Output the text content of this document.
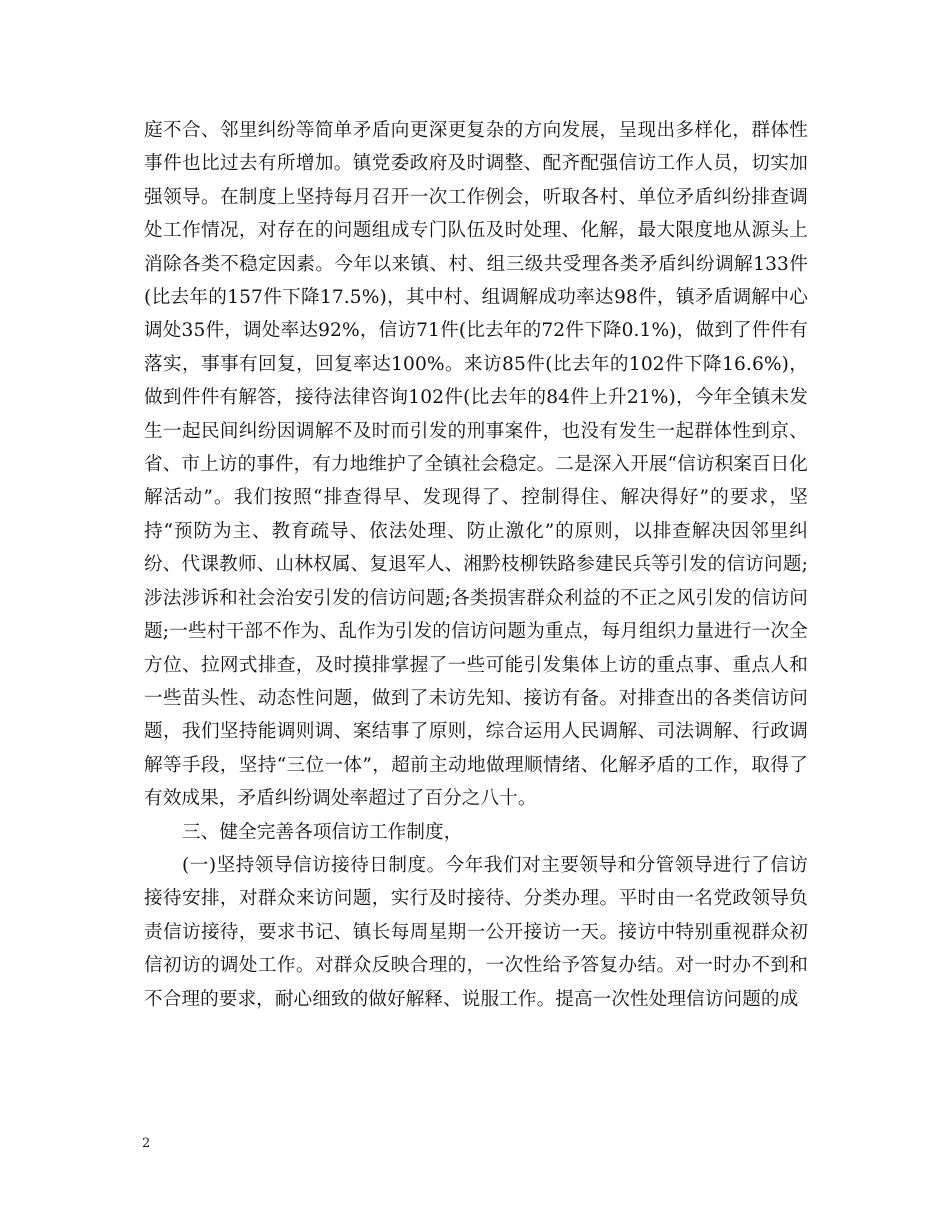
庭不合、邻里纠纷等简单矛盾向更深更复杂的方向发展，呈现出多样化，群体性事件也比过去有所增加。镇党委政府及时调整、配齐配强信访工作人员，切实加强领导。在制度上坚持每月召开一次工作例会，听取各村、单位矛盾纠纷排查调处工作情况，对存在的问题组成专门队伍及时处理、化解，最大限度地从源头上消除各类不稳定因素。今年以来镇、村、组三级共受理各类矛盾纠纷调解133件(比去年的157件下降17.5%)，其中村、组调解成功率达98件，镇矛盾调解中心调处35件，调处率达92%，信访71件(比去年的72件下降0.1%)，做到了件件有落实，事事有回复，回复率达100%。来访85件(比去年的102件下降16.6%)，做到件件有解答，接待法律咨询102件(比去年的84件上升21%)，今年全镇未发生一起民间纠纷因调解不及时而引发的刑事案件，也没有发生一起群体性到京、省、市上访的事件，有力地维护了全镇社会稳定。二是深入开展“信访积案百日化解活动”。我们按照“排查得早、发现得了、控制得住、解决得好”的要求，坚持“预防为主、教育疏导、依法处理、防止激化”的原则，以排查解决因邻里纠纷、代课教师、山林权属、复退军人、湘黔枝柳铁路参建民兵等引发的信访问题;涉法涉诉和社会治安引发的信访问题;各类损害群众利益的不正之风引发的信访问题;一些村干部不作为、乱作为引发的信访问题为重点，每月组织力量进行一次全方位、拉网式排查，及时摸排掌握了一些可能引发集体上访的重点事、重点人和一些苗头性、动态性问题，做到了未访先知、接访有备。对排查出的各类信访问题，我们坚持能调则调、案结事了原则，综合运用人民调解、司法调解、行政调解等手段，坚持“三位一体”，超前主动地做理顺情绪、化解矛盾的工作，取得了有效成果，矛盾纠纷调处率超过了百分之八十。

三、健全完善各项信访工作制度，

(一)坚持领导信访接待日制度。今年我们对主要领导和分管领导进行了信访接待安排，对群众来访问题，实行及时接待、分类办理。平时由一名党政领导负责信访接待，要求书记、镇长每周星期一公开接访一天。接访中特别重视群众初信初访的调处工作。对群众反映合理的，一次性给予答复办结。对一时办不到和不合理的要求，耐心细致的做好解释、说服工作。提高一次性处理信访问题的成

2
